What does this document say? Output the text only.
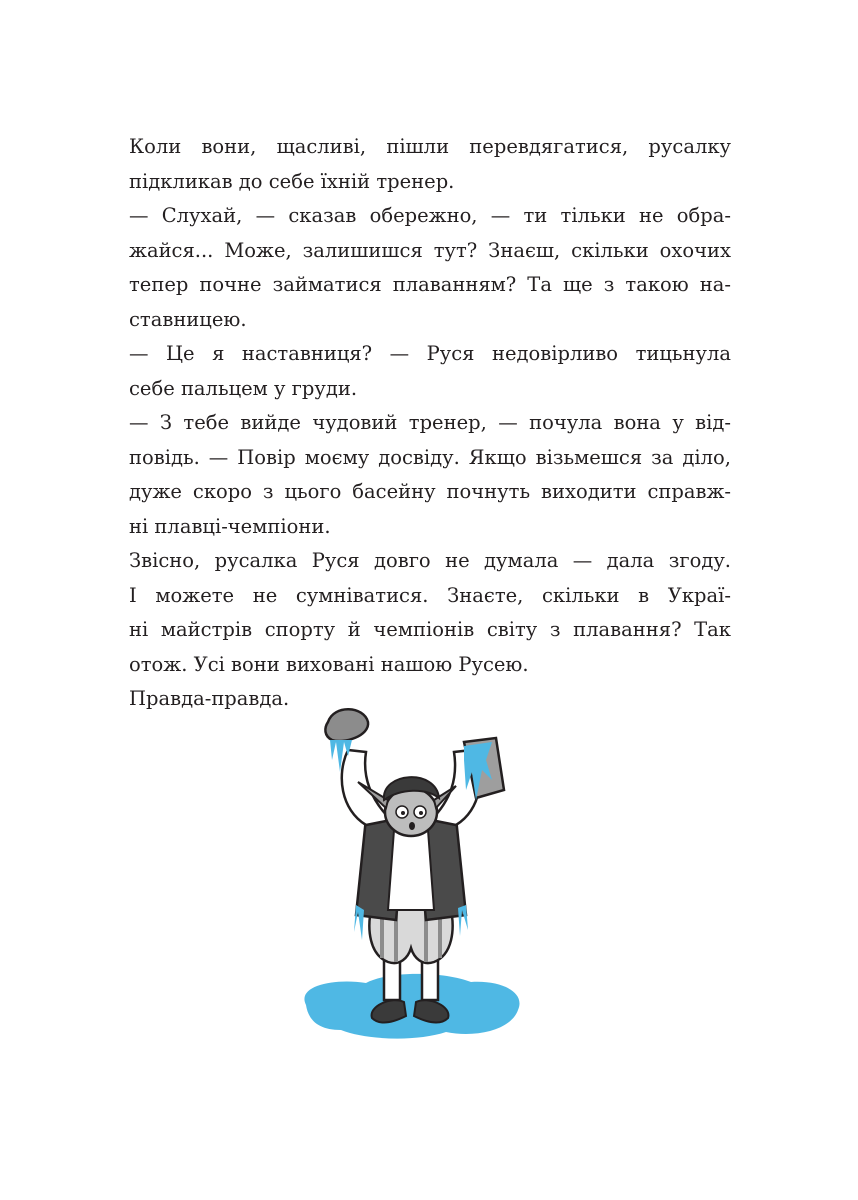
Коли вони, щасливі, пішли перевдягатися, русалку
підкликав до себе їхній тренер.
— Слухай, — сказав обережно, — ти тільки не обра-
жайся... Може, залишишся тут? Знаєш, скільки охочих
тепер почне займатися плаванням? Та ще з такою на-
ставницею.
— Це я наставниця? — Руся недовірливо тицьнула
себе пальцем у груди.
— З тебе вийде чудовий тренер, — почула вона у від-
повідь. — Повір моєму досвіду. Якщо візьмешся за діло,
дуже скоро з цього басейну почнуть виходити справж-
ні плавці-чемпіони.
Звісно, русалка Руся довго не думала — дала згоду.
І можете не сумніватися. Знаєте, скільки в Украї-
ні майстрів спорту й чемпіонів світу з плавання? Так
отож. Усі вони виховані нашою Русею.
Правда-правда.
